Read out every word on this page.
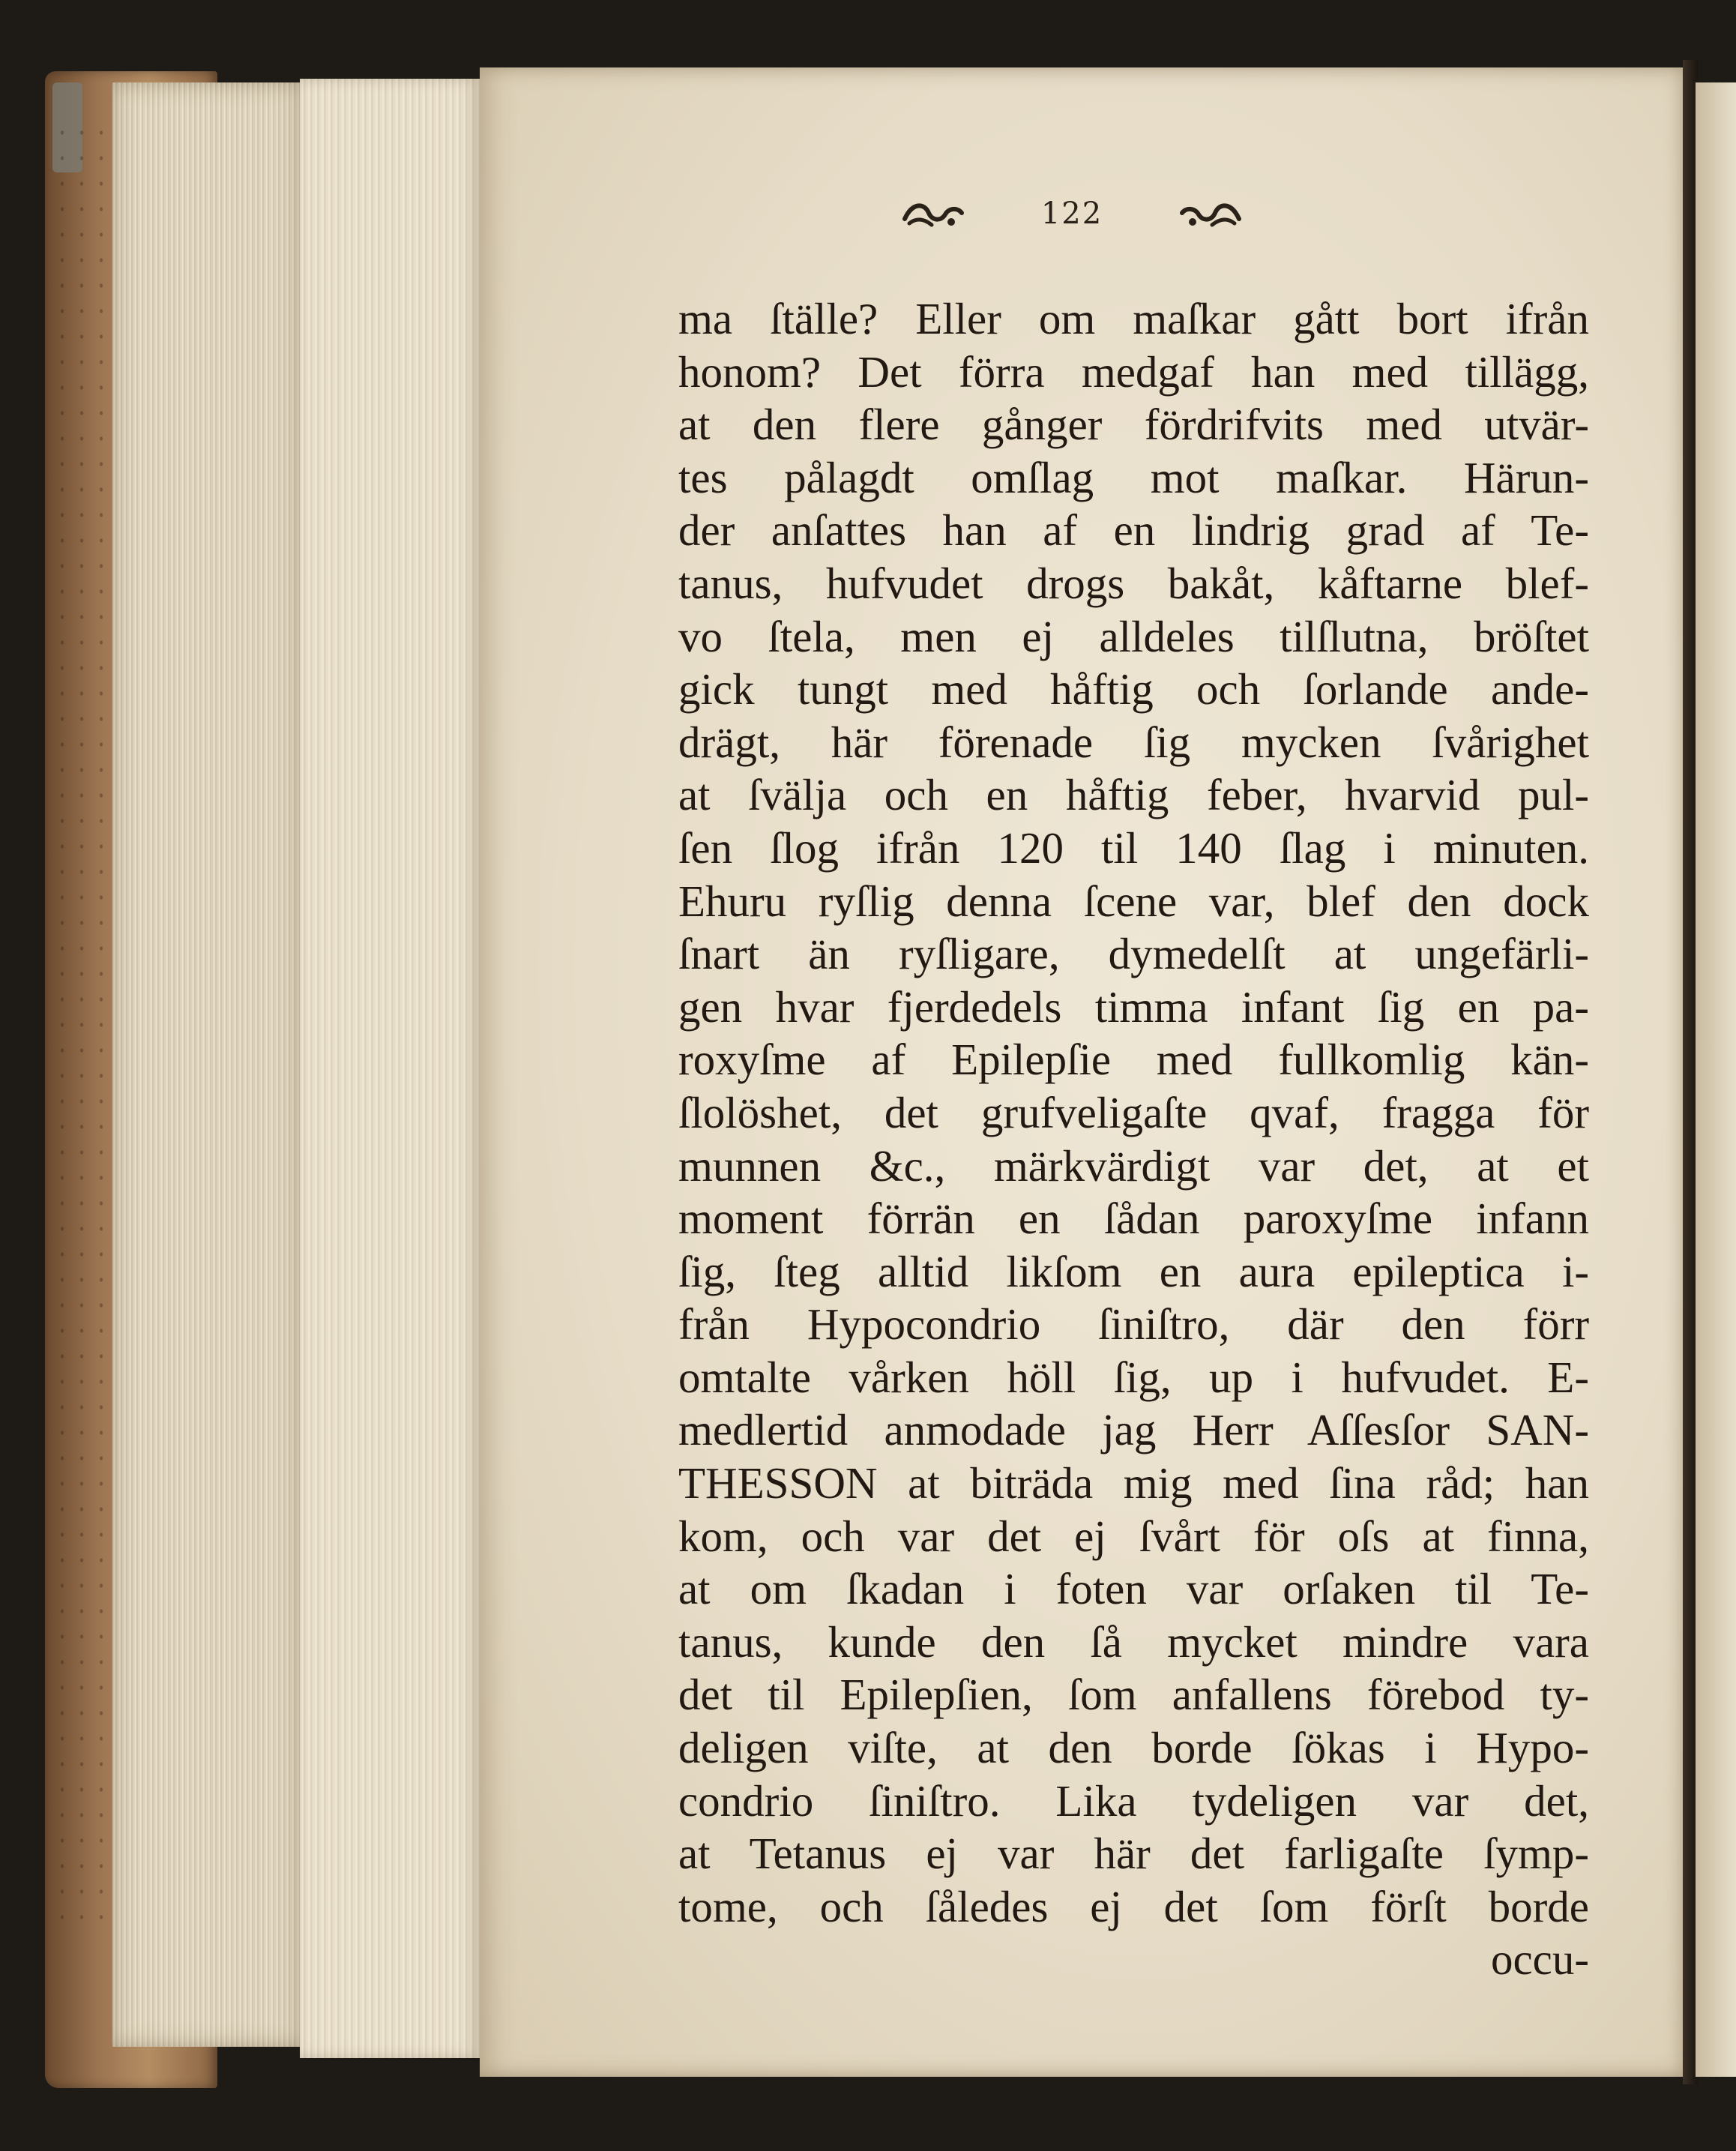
122
ma ſtälle? Eller om maſkar gått bort ifrån
honom? Det förra medgaf han med tillägg,
at den flere gånger fördrifvits med utvär-
tes pålagdt omſlag mot maſkar. Härun-
der anſattes han af en lindrig grad af Te-
tanus, hufvudet drogs bakåt, kåftarne blef-
vo ſtela, men ej alldeles tilſlutna, bröſtet
gick tungt med håftig och ſorlande ande-
drägt, här förenade ſig mycken ſvårighet
at ſvälja och en håftig feber, hvarvid pul-
ſen ſlog ifrån 120 til 140 ſlag i minuten.
Ehuru ryſlig denna ſcene var, blef den dock
ſnart än ryſligare, dymedelſt at ungefärli-
gen hvar fjerdedels timma infant ſig en pa-
roxyſme af Epilepſie med fullkomlig kän-
ſlolöshet, det grufveligaſte qvaf, fragga för
munnen &c., märkvärdigt var det, at et
moment förrän en ſådan paroxyſme infann
ſig, ſteg alltid likſom en aura epileptica i-
från Hypocondrio ſiniſtro, där den förr
omtalte vårken höll ſig, up i hufvudet. E-
medlertid anmodade jag Herr Aſſesſor SAN-
THESSON at biträda mig med ſina råd; han
kom, och var det ej ſvårt för oſs at finna,
at om ſkadan i foten var orſaken til Te-
tanus, kunde den ſå mycket mindre vara
det til Epilepſien, ſom anfallens förebod ty-
deligen viſte, at den borde ſökas i Hypo-
condrio ſiniſtro. Lika tydeligen var det,
at Tetanus ej var här det farligaſte ſymp-
tome, och ſåledes ej det ſom förſt borde
occu-
